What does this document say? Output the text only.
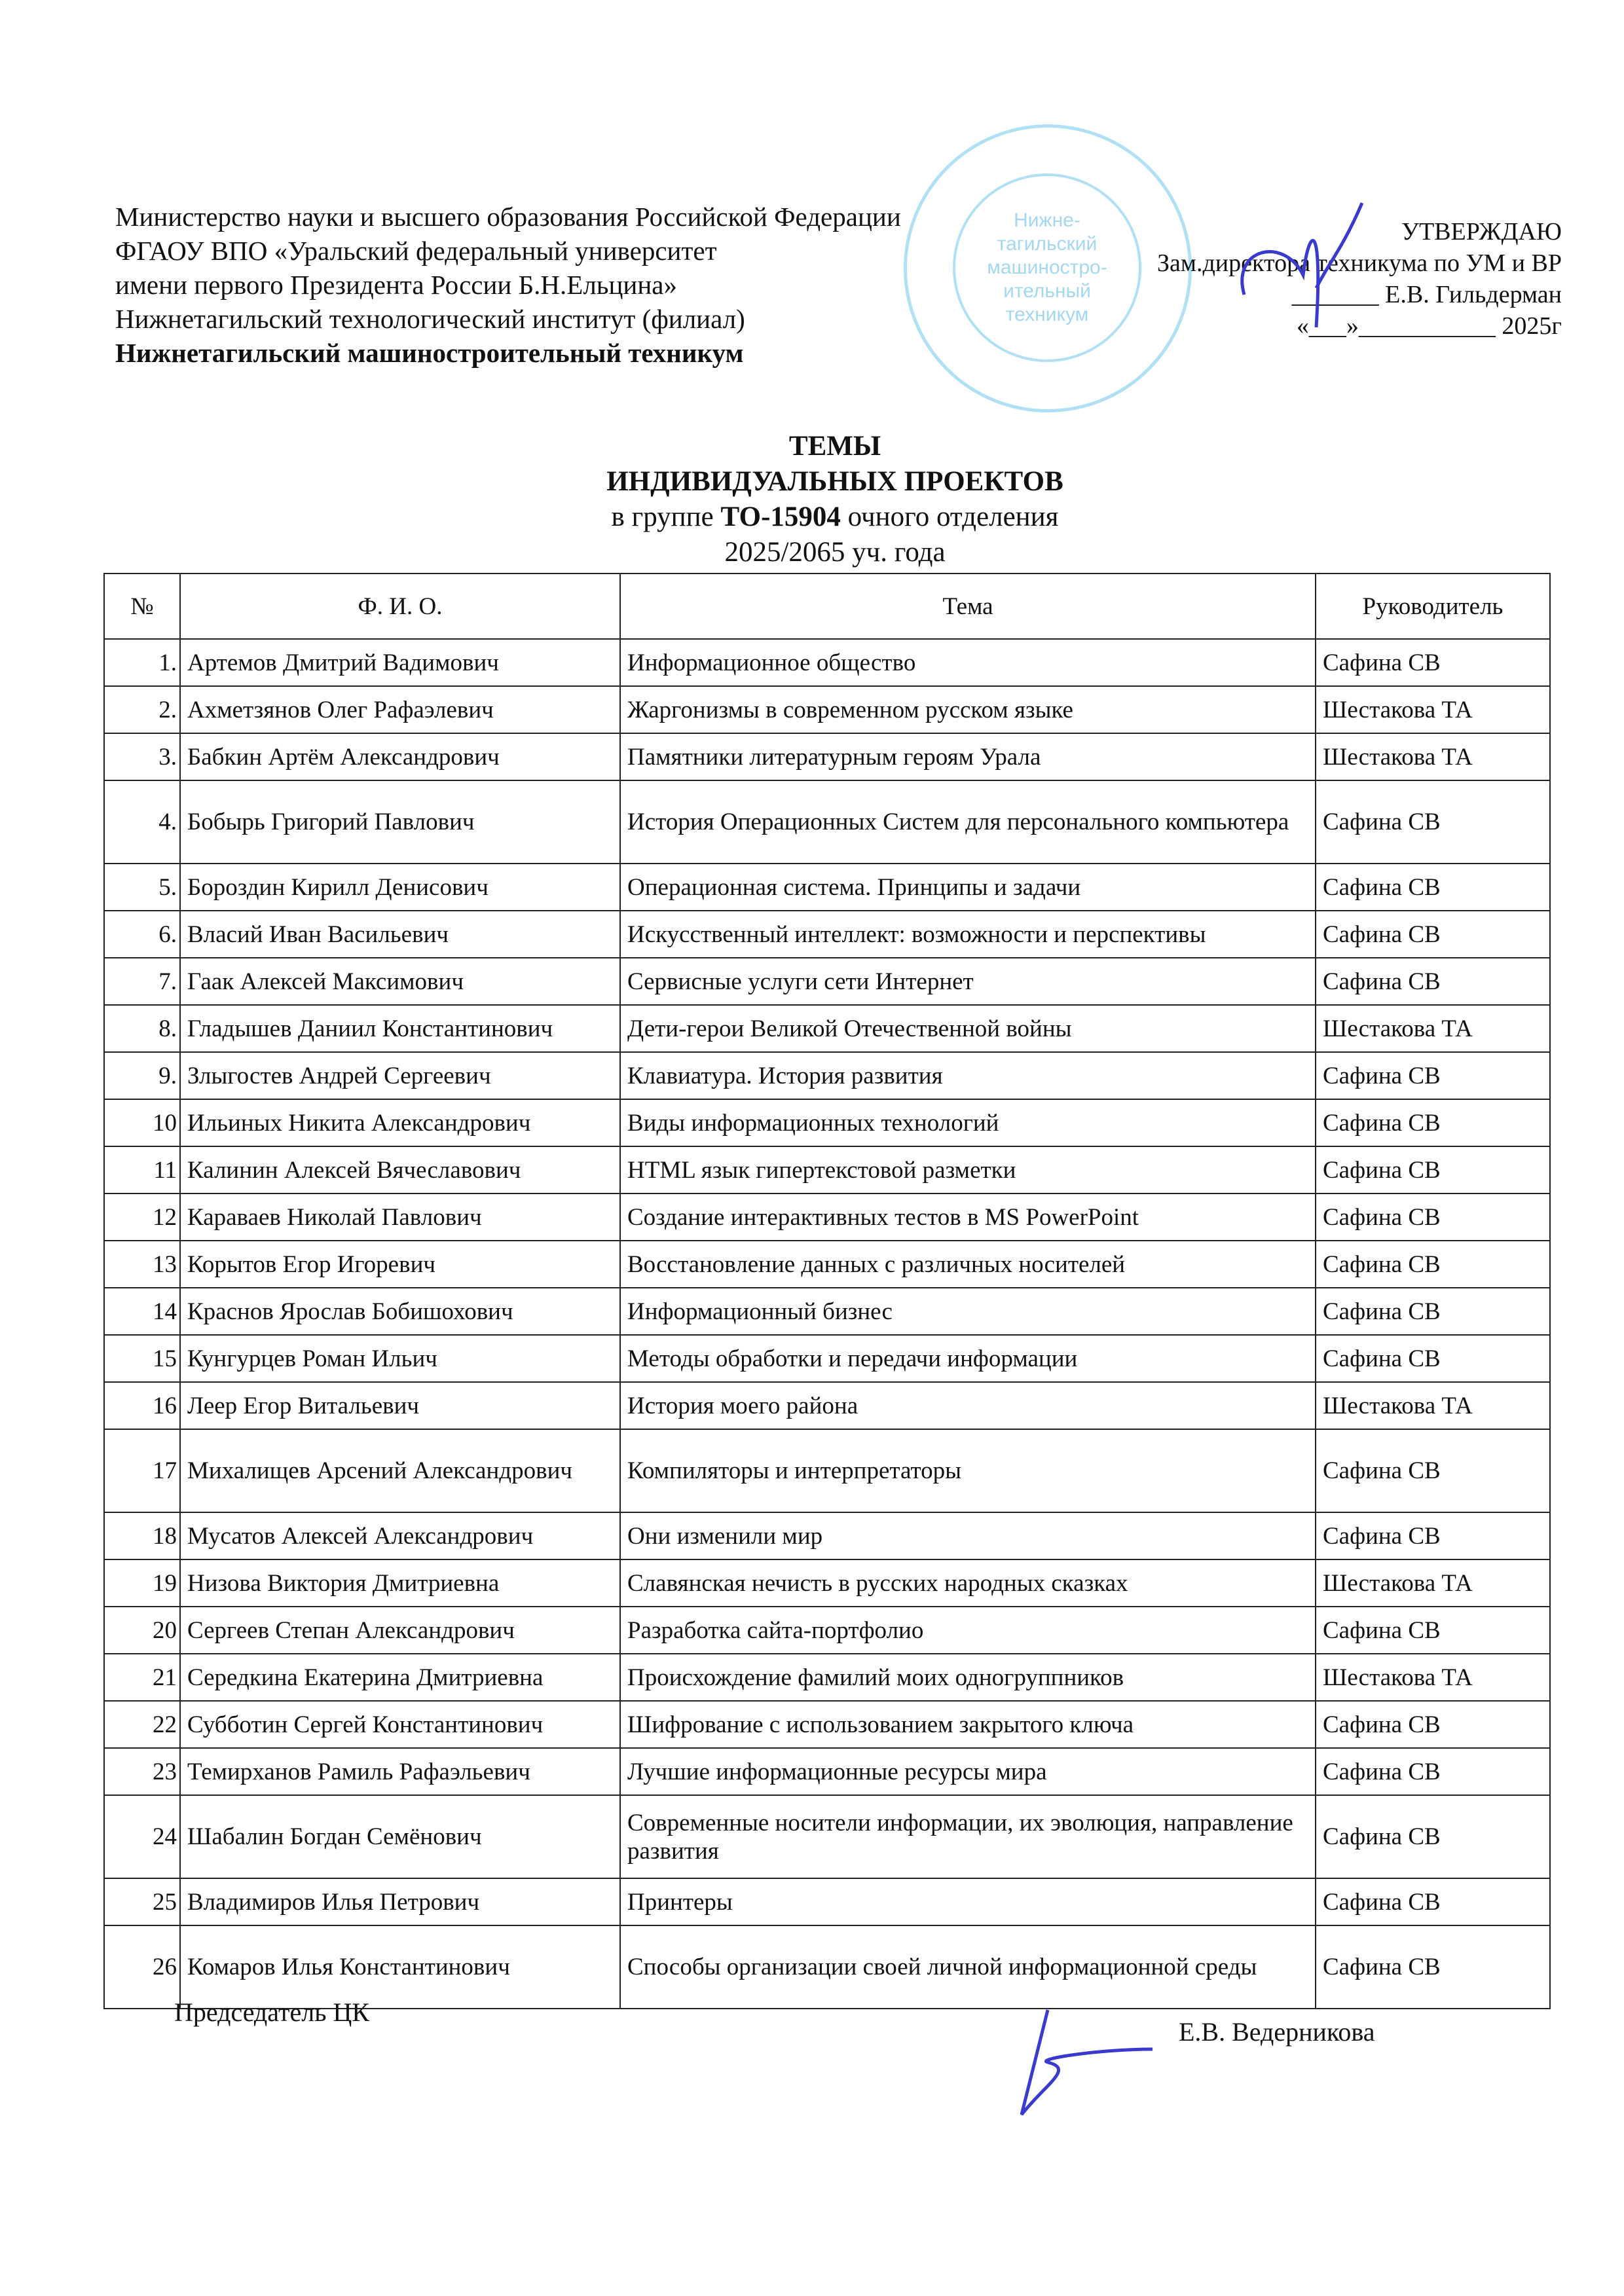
Министерство науки и высшего образования Российской Федерации
ФГАОУ ВПО «Уральский федеральный университет
имени первого Президента России Б.Н.Ельцина»
Нижнетагильский технологический институт (филиал)
Нижнетагильский машиностроительный техникум
Нижне-
тагильский
машиностро-
ительный
техникум
УТВЕРЖДАЮ
Зам.директора техникума по УМ и ВР
_______ Е.В. Гильдерман
«___»___________ 2025г
ТЕМЫ
ИНДИВИДУАЛЬНЫХ ПРОЕКТОВ
в группе ТО-15904 очного отделения
2025/2065 уч. года
№	Ф. И. О.	Тема	Руководитель
1.	Артемов Дмитрий Вадимович	Информационное общество	Сафина СВ
2.	Ахметзянов Олег Рафаэлевич	Жаргонизмы в современном русском языке	Шестакова ТА
3.	Бабкин Артём Александрович	Памятники литературным героям Урала	Шестакова ТА
4.	Бобырь Григорий Павлович	История Операционных Систем для персонального компьютера	Сафина СВ
5.	Бороздин Кирилл Денисович	Операционная система. Принципы и задачи	Сафина СВ
6.	Власий Иван Васильевич	Искусственный интеллект: возможности и перспективы	Сафина СВ
7.	Гаак Алексей Максимович	Сервисные услуги сети Интернет	Сафина СВ
8.	Гладышев Даниил Константинович	Дети-герои Великой Отечественной войны	Шестакова ТА
9.	Злыгостев Андрей Сергеевич	Клавиатура. История развития	Сафина СВ
10	Ильиных Никита Александрович	Виды информационных технологий	Сафина СВ
11	Калинин Алексей Вячеславович	HTML язык гипертекстовой разметки	Сафина СВ
12	Караваев Николай Павлович	Создание интерактивных тестов в MS PowerPoint	Сафина СВ
13	Корытов Егор Игоревич	Восстановление данных с различных носителей	Сафина СВ
14	Краснов Ярослав Бобишохович	Информационный бизнес	Сафина СВ
15	Кунгурцев Роман Ильич	Методы обработки и передачи информации	Сафина СВ
16	Леер Егор Витальевич	История моего района	Шестакова ТА
17	Михалищев Арсений Александрович	Компиляторы и интерпретаторы	Сафина СВ
18	Мусатов Алексей Александрович	Они изменили мир	Сафина СВ
19	Низова Виктория Дмитриевна	Славянская нечисть в русских народных сказках	Шестакова ТА
20	Сергеев Степан Александрович	Разработка сайта-портфолио	Сафина СВ
21	Середкина Екатерина Дмитриевна	Происхождение фамилий моих одногруппников	Шестакова ТА
22	Субботин Сергей Константинович	Шифрование с использованием закрытого ключа	Сафина СВ
23	Темирханов Рамиль Рафаэльевич	Лучшие информационные ресурсы мира	Сафина СВ
24	Шабалин Богдан Семёнович	Современные носители информации, их эволюция, направление развития	Сафина СВ
25	Владимиров Илья Петрович	Принтеры	Сафина СВ
26	Комаров Илья Константинович	Способы организации своей личной информационной среды	Сафина СВ
Председатель ЦК
Е.В. Ведерникова
